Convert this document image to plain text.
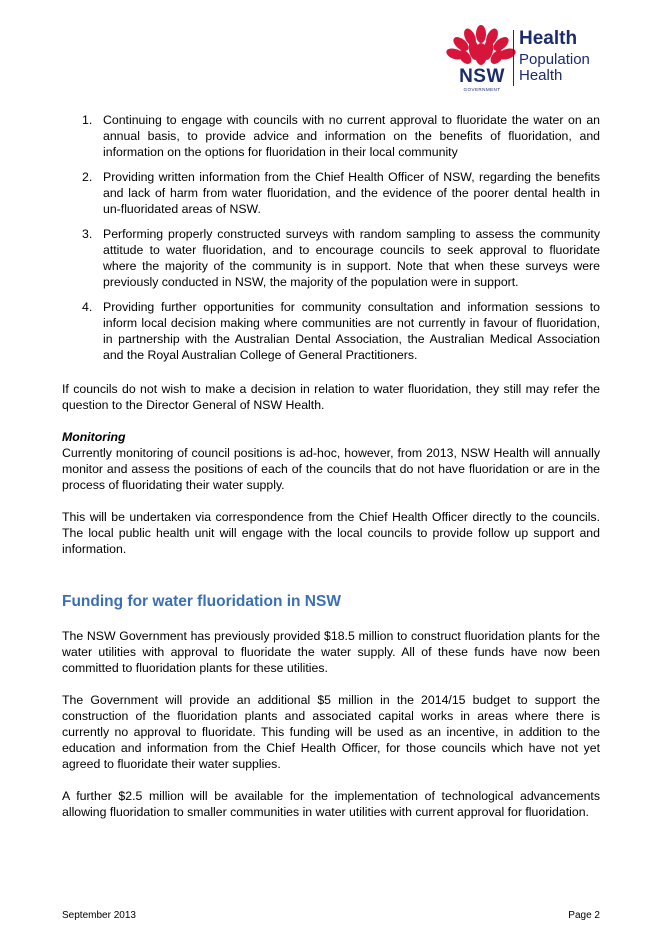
NSW
GOVERNMENT
Health
Population
Health
1. Continuing to engage with councils with no current approval to fluoridate the water on an annual basis, to provide advice and information on the benefits of fluoridation, and information on the options for fluoridation in their local community
2. Providing written information from the Chief Health Officer of NSW, regarding the benefits and lack of harm from water fluoridation, and the evidence of the poorer dental health in un-fluoridated areas of NSW.
3. Performing properly constructed surveys with random sampling to assess the community attitude to water fluoridation, and to encourage councils to seek approval to fluoridate where the majority of the community is in support. Note that when these surveys were previously conducted in NSW, the majority of the population were in support.
4. Providing further opportunities for community consultation and information sessions to inform local decision making where communities are not currently in favour of fluoridation, in partnership with the Australian Dental Association, the Australian Medical Association and the Royal Australian College of General Practitioners.

If councils do not wish to make a decision in relation to water fluoridation, they still may refer the question to the Director General of NSW Health.

Monitoring

Currently monitoring of council positions is ad-hoc, however, from 2013, NSW Health will annually monitor and assess the positions of each of the councils that do not have fluoridation or are in the process of fluoridating their water supply.

This will be undertaken via correspondence from the Chief Health Officer directly to the councils. The local public health unit will engage with the local councils to provide follow up support and information.

Funding for water fluoridation in NSW

The NSW Government has previously provided $18.5 million to construct fluoridation plants for the water utilities with approval to fluoridate the water supply. All of these funds have now been committed to fluoridation plants for these utilities.

The Government will provide an additional $5 million in the 2014/15 budget to support the construction of the fluoridation plants and associated capital works in areas where there is currently no approval to fluoridate. This funding will be used as an incentive, in addition to the education and information from the Chief Health Officer, for those councils which have not yet agreed to fluoridate their water supplies.

A further $2.5 million will be available for the implementation of technological advancements allowing fluoridation to smaller communities in water utilities with current approval for fluoridation.

September 2013	Page 2
